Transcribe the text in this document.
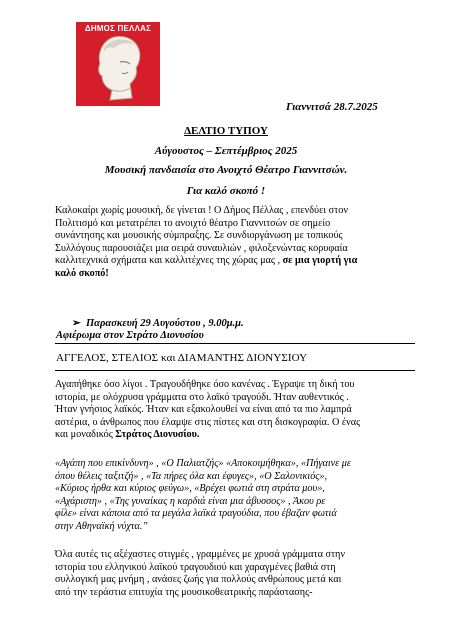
ΔΗΜΟΣ ΠΕΛΛΑΣ
Γιαννιτσά 28.7.2025
ΔΕΛΤΙΟ ΤΥΠΟΥ
Αύγουστος – Σεπτέμβριος 2025
Μουσική πανδαισία στο Ανοιχτό Θέατρο Γιαννιτσών.
Για καλό σκοπό !
Καλοκαίρι χωρίς μουσική, δε γίνεται ! Ο Δήμος Πέλλας , επενδύει στον
Πολιτισμό και μετατρέπει το ανοιχτό θέατρο Γιαννιτσών σε σημείο
συνάντησης και μουσικής σύμπραξης. Σε συνδιοργάνωση με τοπικούς
Συλλόγους παρουσιάζει μια σειρά συναυλιών , φιλοξενώντας κορυφαία
καλλιτεχνικά σχήματα και καλλιτέχνες της χώρας μας , σε μια γιορτή για
καλό σκοπό!
➢ Παρασκευή 29 Αυγούστου , 9.00μ.μ.
Αφιέρωμα στον Στράτο Διονυσίου
ΑΓΓΕΛΟΣ, ΣΤΕΛΙΟΣ και ΔΙΑΜΑΝΤΗΣ ΔΙΟΝΥΣΙΟΥ
Αγαπήθηκε όσο λίγοι . Τραγουδήθηκε όσο κανένας . Έγραψε τη δική του
ιστορία, με ολόχρυσα γράμματα στο λαϊκό τραγούδι. Ήταν αυθεντικός .
Ήταν γνήσιος λαϊκός. Ήταν και εξακολουθεί να είναι από τα πιο λαμπρά
αστέρια, ο άνθρωπος που έλαμψε στις πίστες και στη δισκογραφία. Ο ένας
και μοναδικός Στράτος Διονυσίου.
«Αγάπη που επικίνδυνη» , «Ο Παλιατζής» «Αποκοιμήθηκα», «Πήγαινε με
όπου θέλεις ταξιτζή» , «Τα πήρες όλα και έφυγες», «Ο Σαλονικιός»,
«Κύριος ήρθα και κύριος φεύγω», «Βρέχει φωτιά στη στράτα μου»,
«Αχάριστη» , «Της γυναίκας η καρδιά είναι μια άβυσσος» , Άκου ρε
φίλε» είναι κάποια από τα μεγάλα λαϊκά τραγούδια, που έβαζαν φωτιά
στην Αθηναϊκή νύχτα.”
Όλα αυτές τις αξέχαστες στιγμές , γραμμένες με χρυσά γράμματα στην
ιστορία του ελληνικού λαϊκού τραγουδιού και χαραγμένες βαθιά στη
συλλογική μας μνήμη , ανάσες ζωής για πολλούς ανθρώπους μετά και
από την τεράστια επιτυχία της μουσικοθεατρικής παράστασης-
